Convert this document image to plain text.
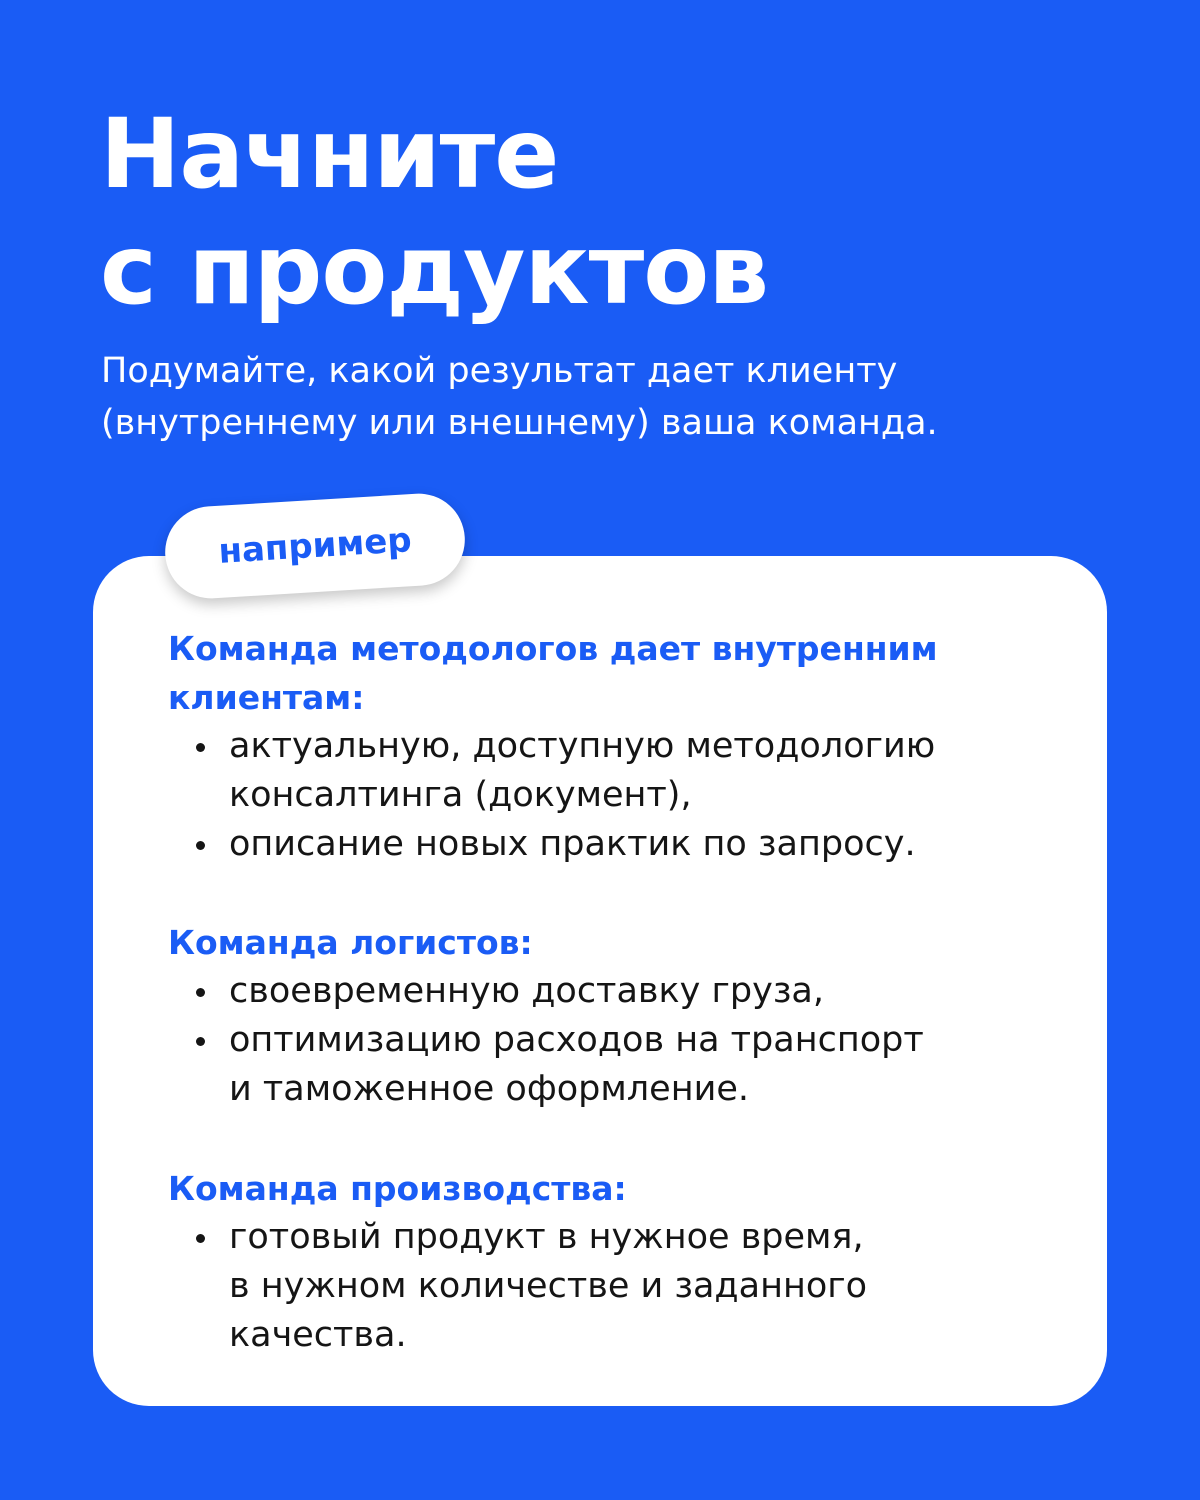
Начните
с продуктов

Подумайте, какой результат дает клиенту
(внутреннему или внешнему) ваша команда.

например
Команда методологов дает внутренним
клиентам:
актуальную, доступную методологию
консалтинга (документ),
описание новых практик по запросу.
Команда логистов:
своевременную доставку груза,
оптимизацию расходов на транспорт
и таможенное оформление.
Команда производства:
готовый продукт в нужное время,
в нужном количестве и заданного
качества.
